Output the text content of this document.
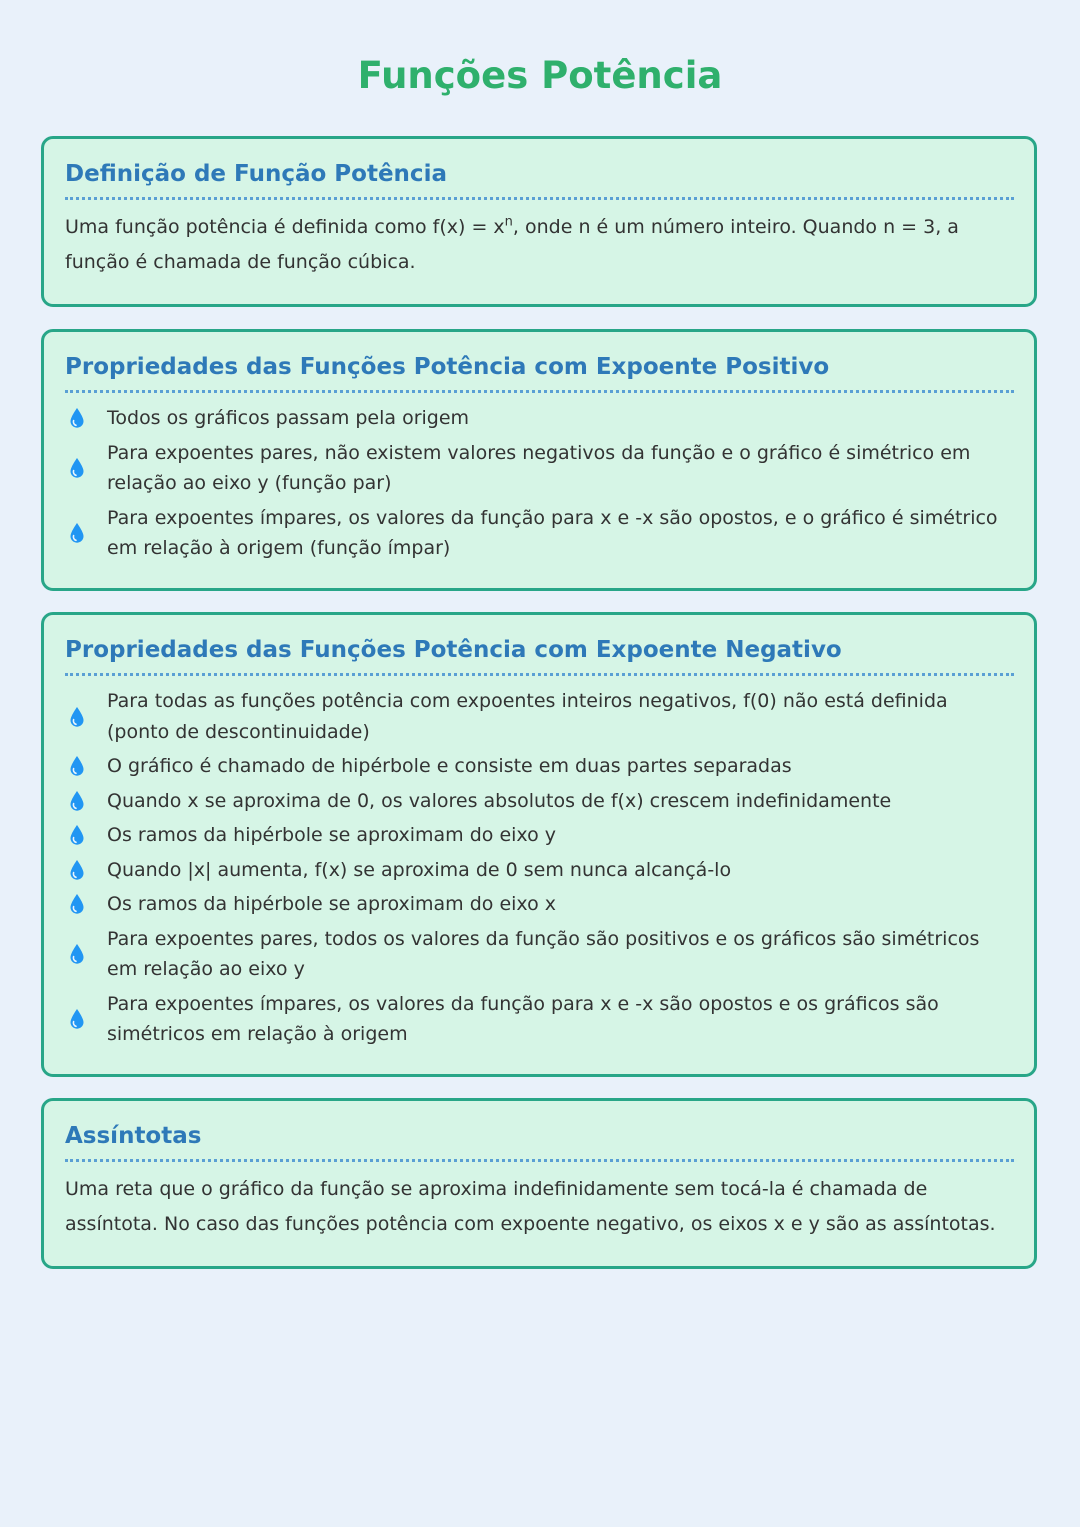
Funções Potência
Definição de Função Potência

Uma função potência é definida como $f(x) = x^n$, onde n é um número inteiro. Quando n = 3, a função é chamada de função cúbica.

Propriedades das Funções Potência com Expoente Positivo
Todos os gráficos passam pela origem
Para expoentes pares, não existem valores negativos da função e o gráfico é simétrico em relação ao eixo y (função par)
Para expoentes ímpares, os valores da função para x e -x são opostos, e o gráfico é simétrico em relação à origem (função ímpar)
Propriedades das Funções Potência com Expoente Negativo
Para todas as funções potência com expoentes inteiros negativos, f(0) não está definida (ponto de descontinuidade)
O gráfico é chamado de hipérbole e consiste em duas partes separadas
Quando x se aproxima de 0, os valores absolutos de f(x) crescem indefinidamente
Os ramos da hipérbole se aproximam do eixo y
Quando |x| aumenta, f(x) se aproxima de 0 sem nunca alcançá-lo
Os ramos da hipérbole se aproximam do eixo x
Para expoentes pares, todos os valores da função são positivos e os gráficos são simétricos em relação ao eixo y
Para expoentes ímpares, os valores da função para x e -x são opostos e os gráficos são simétricos em relação à origem
Assíntotas

Uma reta que o gráfico da função se aproxima indefinidamente sem tocá-la é chamada de assíntota. No caso das funções potência com expoente negativo, os eixos x e y são as assíntotas.
